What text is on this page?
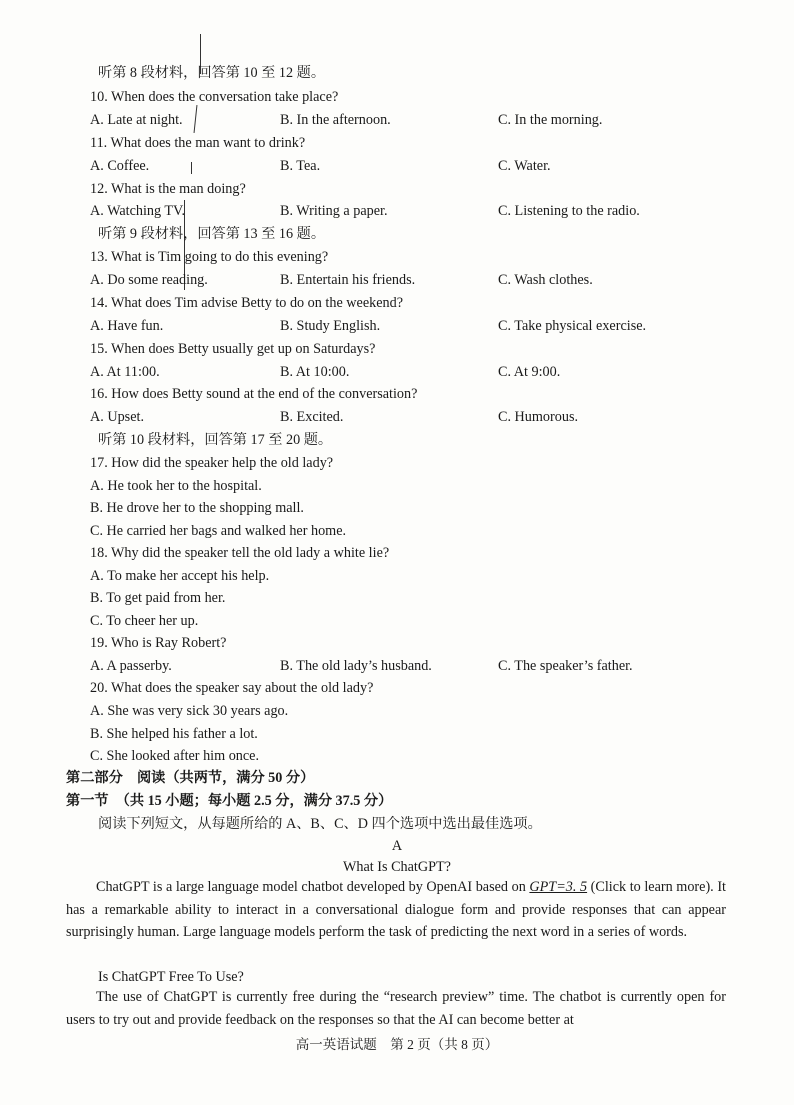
听第 8 段材料，回答第 10 至 12 题。
10. When does the conversation take place?
A. Late at night.	B. In the afternoon.	C. In the morning.
11. What does the man want to drink?
A. Coffee.	B. Tea.	C. Water.
12. What is the man doing?
A. Watching TV.	B. Writing a paper.	C. Listening to the radio.
听第 9 段材料，回答第 13 至 16 题。
13. What is Tim going to do this evening?
A. Do some reading.	B. Entertain his friends.	C. Wash clothes.
14. What does Tim advise Betty to do on the weekend?
A. Have fun.	B. Study English.	C. Take physical exercise.
15. When does Betty usually get up on Saturdays?
A. At 11:00.	B. At 10:00.	C. At 9:00.
16. How does Betty sound at the end of the conversation?
A. Upset.	B. Excited.	C. Humorous.
听第 10 段材料，回答第 17 至 20 题。
17. How did the speaker help the old lady?
A. He took her to the hospital.
B. He drove her to the shopping mall.
C. He carried her bags and walked her home.
18. Why did the speaker tell the old lady a white lie?
A. To make her accept his help.
B. To get paid from her.
C. To cheer her up.
19. Who is Ray Robert?
A. A passerby.	B. The old lady’s husband.	C. The speaker’s father.
20. What does the speaker say about the old lady?
A. She was very sick 30 years ago.
B. She helped his father a lot.
C. She looked after him once.
第二部分　阅读（共两节，满分 50 分）
第一节　（共 15 小题；每小题 2.5 分，满分 37.5 分）
阅读下列短文，从每题所给的 A、B、C、D 四个选项中选出最佳选项。
A
What Is ChatGPT?
ChatGPT is a large language model chatbot developed by OpenAI based on GPT=3. 5 (Click to learn more). It has a remarkable ability to interact in a conversational dialogue form and provide responses that can appear surprisingly human. Large language models perform the task of predicting the next word in a series of words.
Is ChatGPT Free To Use?
The use of ChatGPT is currently free during the “research preview” time. The chatbot is currently open for users to try out and provide feedback on the responses so that the AI can become better at
高一英语试题　第 2 页（共 8 页）
